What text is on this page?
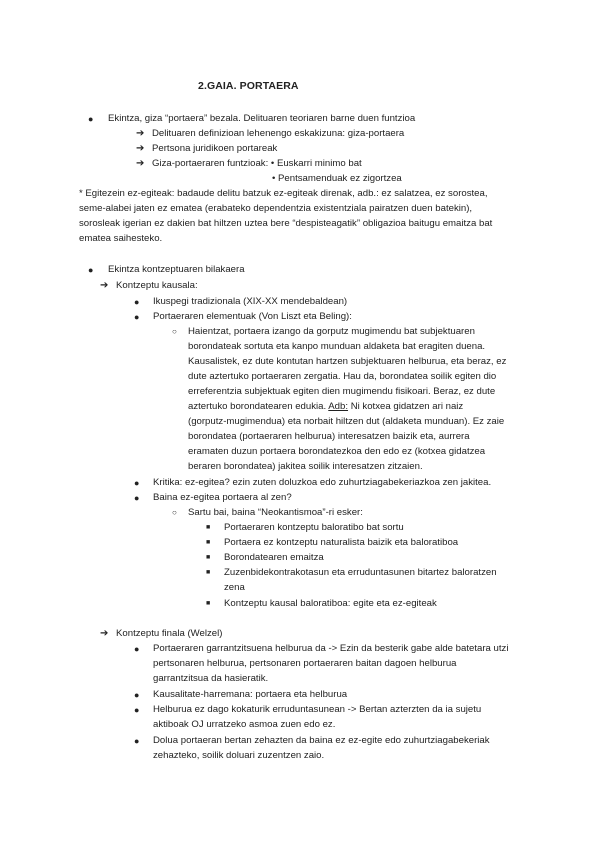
2.GAIA. PORTAERA
● Ekintza, giza “portaera” bezala. Delituaren teoriaren barne duen funtzioa
➔ Delituaren definizioan lehenengo eskakizuna: giza-portaera
➔ Pertsona juridikoen portareak
➔ Giza-portaeraren funtzioak: • Euskarri minimo bat
• Pentsamenduak ez zigortzea
* Egitezein ez-egiteak: badaude delitu batzuk ez-egiteak direnak, adb.: ez salatzea, ez sorostea,
seme-alabei jaten ez ematea (erabateko dependentzia existentziala pairatzen duen batekin),
sorosleak igerian ez dakien bat hiltzen uztea bere “despisteagatik” obligazioa baitugu emaitza bat
ematea saihesteko.
● Ekintza kontzeptuaren bilakaera
➔ Kontzeptu kausala:
● Ikuspegi tradizionala (XIX-XX mendebaldean)
● Portaeraren elementuak (Von Liszt eta Beling):
○ Haientzat, portaera izango da gorputz mugimendu bat subjektuaren
borondateak sortuta eta kanpo munduan aldaketa bat eragiten duena.
Kausalistek, ez dute kontutan hartzen subjektuaren helburua, eta beraz, ez
dute aztertuko portaeraren zergatia. Hau da, borondatea soilik egiten dio
erreferentzia subjektuak egiten dien mugimendu fisikoari. Beraz, ez dute
aztertuko borondatearen edukia. Adb: Ni kotxea gidatzen ari naiz
(gorputz-mugimendua) eta norbait hiltzen dut (aldaketa munduan). Ez zaie
borondatea (portaeraren helburua) interesatzen baizik eta, aurrera
eramaten duzun portaera borondatezkoa den edo ez (kotxea gidatzea
beraren borondatea) jakitea soilik interesatzen zitzaien.
● Kritika: ez-egitea? ezin zuten doluzkoa edo zuhurtziagabekeriazkoa zen jakitea.
● Baina ez-egitea portaera al zen?
○ Sartu bai, baina “Neokantismoa”-ri esker:
■ Portaeraren kontzeptu baloratibo bat sortu
■ Portaera ez kontzeptu naturalista baizik eta baloratiboa
■ Borondatearen emaitza
■ Zuzenbidekontrakotasun eta erruduntasunen bitartez baloratzen
zena
■ Kontzeptu kausal baloratiboa: egite eta ez-egiteak
➔ Kontzeptu finala (Welzel)
● Portaeraren garrantzitsuena helburua da -> Ezin da besterik gabe alde batetara utzi
pertsonaren helburua, pertsonaren portaeraren baitan dagoen helburua
garrantzitsua da hasieratik.
● Kausalitate-harremana: portaera eta helburua
● Helburua ez dago kokaturik erruduntasunean -> Bertan azterzten da ia sujetu
aktiboak OJ urratzeko asmoa zuen edo ez.
● Dolua portaeran bertan zehazten da baina ez ez-egite edo zuhurtziagabekeriak
zehazteko, soilik doluari zuzentzen zaio.
